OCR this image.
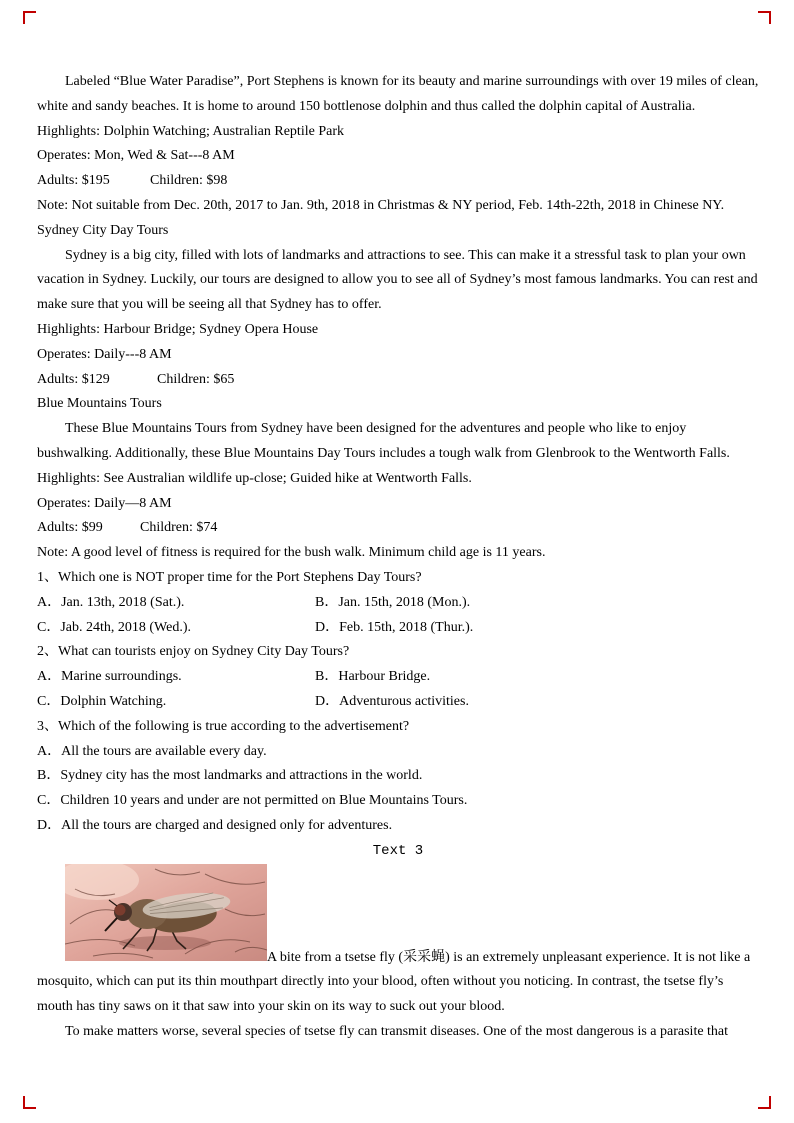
Labeled “Blue Water Paradise”, Port Stephens is known for its beauty and marine surroundings with over 19 miles of clean, white and sandy beaches. It is home to around 150 bottlenose dolphin and thus called the dolphin capital of Australia.

Highlights: Dolphin Watching; Australian Reptile Park

Operates: Mon, Wed & Sat---8 AM

Adults: $195	Children: $98

Note: Not suitable from Dec. 20th, 2017 to Jan. 9th, 2018 in Christmas & NY period, Feb. 14th-22th, 2018 in Chinese NY.

Sydney City Day Tours

Sydney is a big city, filled with lots of landmarks and attractions to see. This can make it a stressful task to plan your own vacation in Sydney. Luckily, our tours are designed to allow you to see all of Sydney’s most famous landmarks. You can rest and make sure that you will be seeing all that Sydney has to offer.

Highlights: Harbour Bridge; Sydney Opera House

Operates: Daily---8 AM

Adults: $129	Children: $65

Blue Mountains Tours

These Blue Mountains Tours from Sydney have been designed for the adventures and people who like to enjoy bushwalking. Additionally, these Blue Mountains Day Tours includes a tough walk from Glenbrook to the Wentworth Falls.

Highlights: See Australian wildlife up-close; Guided hike at Wentworth Falls.

Operates: Daily—8 AM

Adults: $99	Children: $74

Note: A good level of fitness is required for the bush walk. Minimum child age is 11 years.

1、Which one is NOT proper time for the Port Stephens Day Tours?

A．Jan. 13th, 2018 (Sat.).	B．Jan. 15th, 2018 (Mon.).

C．Jab. 24th, 2018 (Wed.).	D．Feb. 15th, 2018 (Thur.).

2、What can tourists enjoy on Sydney City Day Tours?

A．Marine surroundings.	B．Harbour Bridge.

C．Dolphin Watching.	D．Adventurous activities.

3、Which of the following is true according to the advertisement?

A．All the tours are available every day.

B．Sydney city has the most landmarks and attractions in the world.

C．Children 10 years and under are not permitted on Blue Mountains Tours.

D．All the tours are charged and designed only for adventures.

Text 3

A bite from a tsetse fly (采采蝇) is an extremely unpleasant experience. It is not like a mosquito, which can put its thin mouthpart directly into your blood, often without you noticing. In contrast, the tsetse fly’s mouth has tiny saws on it that saw into your skin on its way to suck out your blood.

To make matters worse, several species of tsetse fly can transmit diseases. One of the most dangerous is a parasite that
